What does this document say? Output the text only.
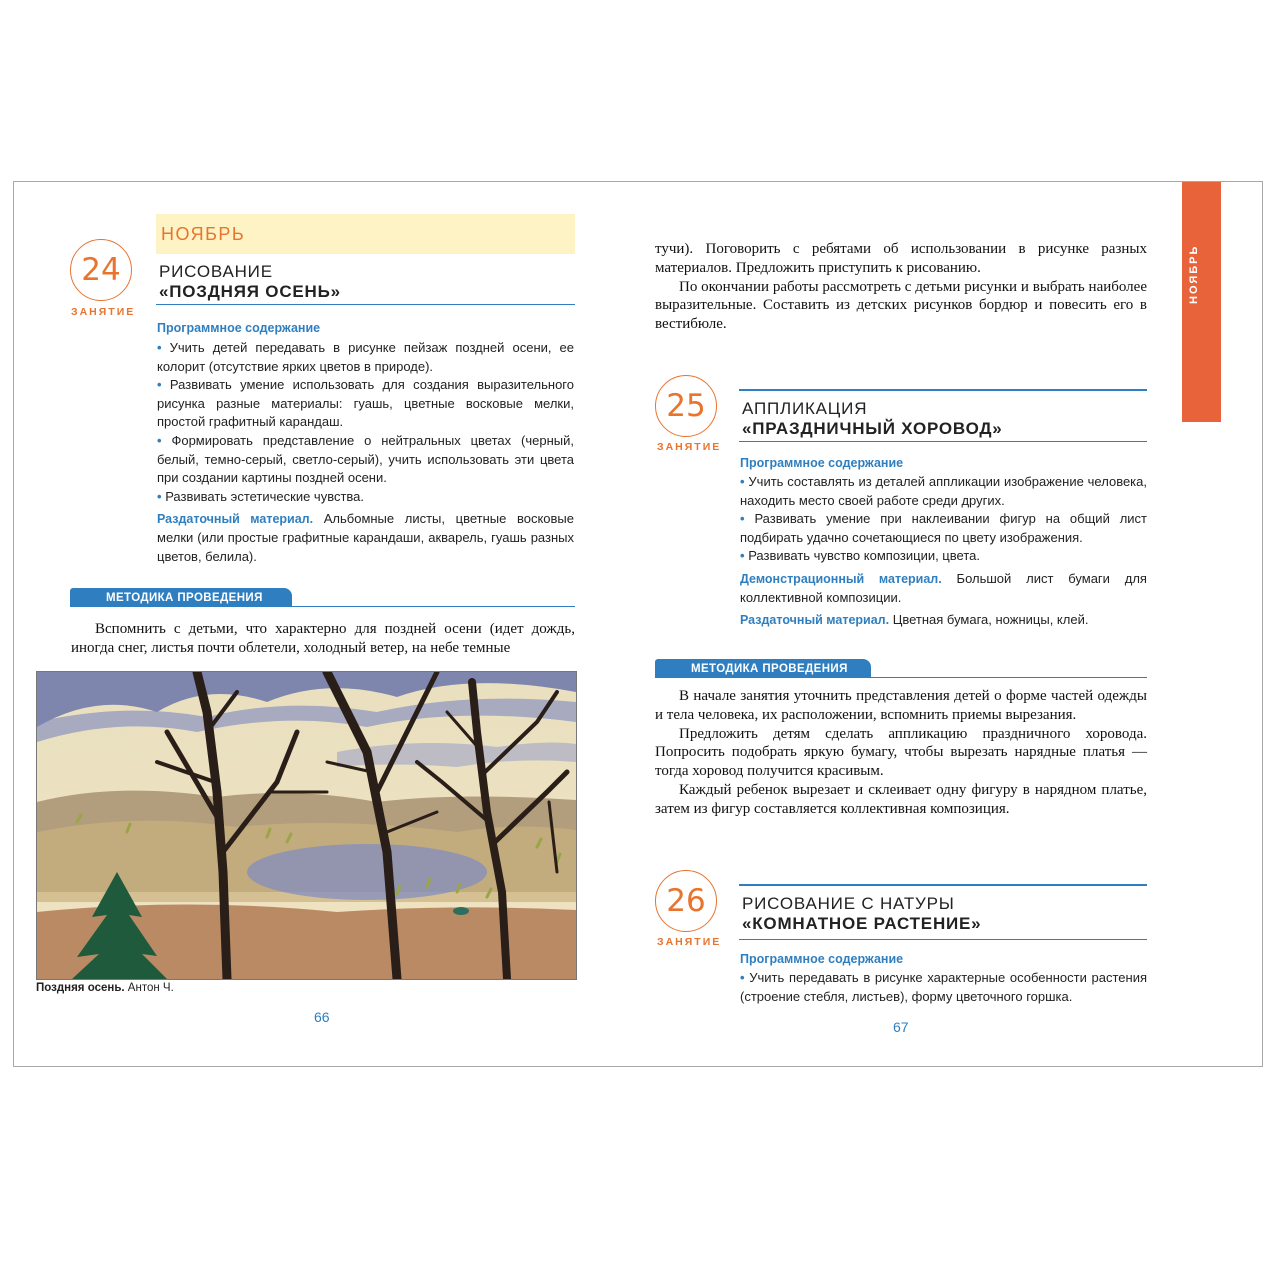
НОЯБРЬ
24
ЗАНЯТИЕ
РИСОВАНИЕ
«ПОЗДНЯЯ ОСЕНЬ»
Программное содержание

• Учить детей передавать в рисунке пейзаж поздней осени, ее колорит (отсутствие ярких цветов в природе).

• Развивать умение использовать для создания выразительного рисунка разные материалы: гуашь, цветные восковые мелки, простой графитный карандаш.

• Формировать представление о нейтральных цветах (черный, белый, темно-серый, светло-серый), учить использовать эти цвета при создании картины поздней осени.

• Развивать эстетические чувства.

Раздаточный материал. Альбомные листы, цветные восковые мелки (или простые графитные карандаши, акварель, гуашь разных цветов, белила).

МЕТОДИКА ПРОВЕДЕНИЯ

Вспомнить с детьми, что характерно для поздней осени (идет дождь, иногда снег, листья почти облетели, холодный ветер, на небе темные

Поздняя осень. Антон Ч.
66
НОЯБРЬ

тучи). Поговорить с ребятами об использовании в рисунке разных материалов. Предложить приступить к рисованию.

По окончании работы рассмотреть с детьми рисунки и выбрать наиболее выразительные. Составить из детских рисунков бордюр и повесить его в вестибюле.

25
ЗАНЯТИЕ
АППЛИКАЦИЯ
«ПРАЗДНИЧНЫЙ ХОРОВОД»
Программное содержание

• Учить составлять из деталей аппликации изображение человека, находить место своей работе среди других.

• Развивать умение при наклеивании фигур на общий лист подбирать удачно сочетающиеся по цвету изображения.

• Развивать чувство композиции, цвета.

Демонстрационный материал. Большой лист бумаги для коллективной композиции.

Раздаточный материал. Цветная бумага, ножницы, клей.

МЕТОДИКА ПРОВЕДЕНИЯ

В начале занятия уточнить представления детей о форме частей одежды и тела человека, их расположении, вспомнить приемы вырезания.

Предложить детям сделать аппликацию праздничного хоровода. Попросить подобрать яркую бумагу, чтобы вырезать нарядные платья — тогда хоровод получится красивым.

Каждый ребенок вырезает и склеивает одну фигуру в нарядном платье, затем из фигур составляется коллективная композиция.

26
ЗАНЯТИЕ
РИСОВАНИЕ С НАТУРЫ
«КОМНАТНОЕ РАСТЕНИЕ»
Программное содержание

• Учить передавать в рисунке характерные особенности растения (строение стебля, листьев), форму цветочного горшка.

67
